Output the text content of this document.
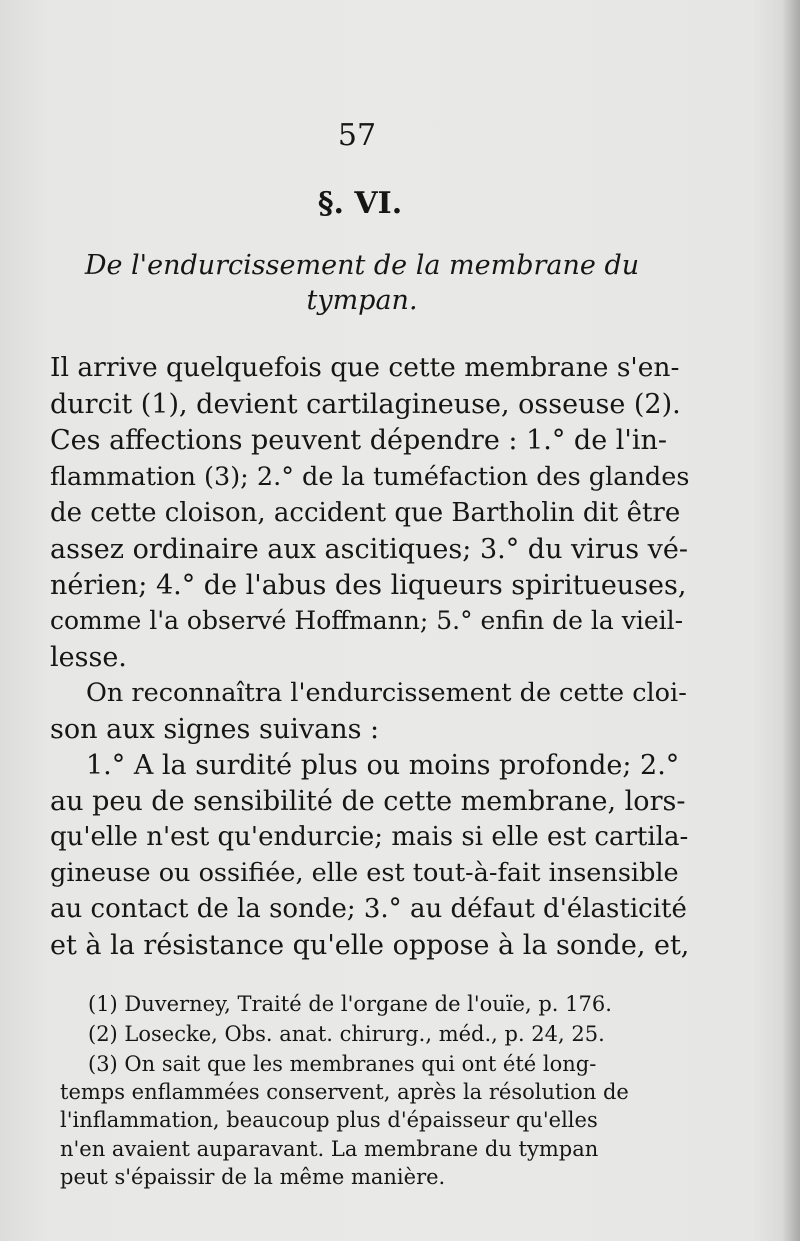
57
§. VI.
De l'endurcissement de la membrane du
tympan.
Il arrive quelquefois que cette membrane s'en-
durcit (1), devient cartilagineuse, osseuse (2).
Ces affections peuvent dépendre : 1.° de l'in-
flammation (3); 2.° de la tuméfaction des glandes
de cette cloison, accident que Bartholin dit être
assez ordinaire aux ascitiques; 3.° du virus vé-
nérien; 4.° de l'abus des liqueurs spiritueuses,
comme l'a observé Hoffmann; 5.° enfin de la vieil-
lesse.
On reconnaîtra l'endurcissement de cette cloi-
son aux signes suivans :
1.° A la surdité plus ou moins profonde; 2.°
au peu de sensibilité de cette membrane, lors-
qu'elle n'est qu'endurcie; mais si elle est cartila-
gineuse ou ossifiée, elle est tout-à-fait insensible
au contact de la sonde; 3.° au défaut d'élasticité
et à la résistance qu'elle oppose à la sonde, et,
(1) Duverney, Traité de l'organe de l'ouïe, p. 176.
(2) Losecke, Obs. anat. chirurg., méd., p. 24, 25.
(3) On sait que les membranes qui ont été long-
temps enflammées conservent, après la résolution de
l'inflammation, beaucoup plus d'épaisseur qu'elles
n'en avaient auparavant. La membrane du tympan
peut s'épaissir de la même manière.
